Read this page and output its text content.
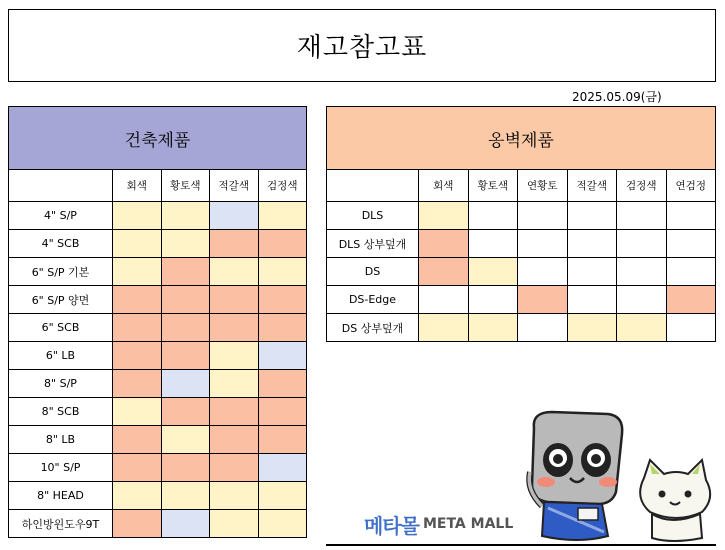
재고참고표
2025.05.09(금)
건축제품				
	회색	황토색	적갈색	검정색
4" S/P				
4" SCB				
6" S/P 기본				
6" S/P 양면				
6" SCB				
6" LB				
8" S/P				
8" SCB				
8" LB				
10" S/P				
8" HEAD				
하인방윈도우9T				
옹벽제품						
	회색	황토색	연황토	적갈색	검정색	연검정
DLS						
DLS 상부덮개						
DS						
DS-Edge						
DS 상부덮개						
메타몰 META MALL
